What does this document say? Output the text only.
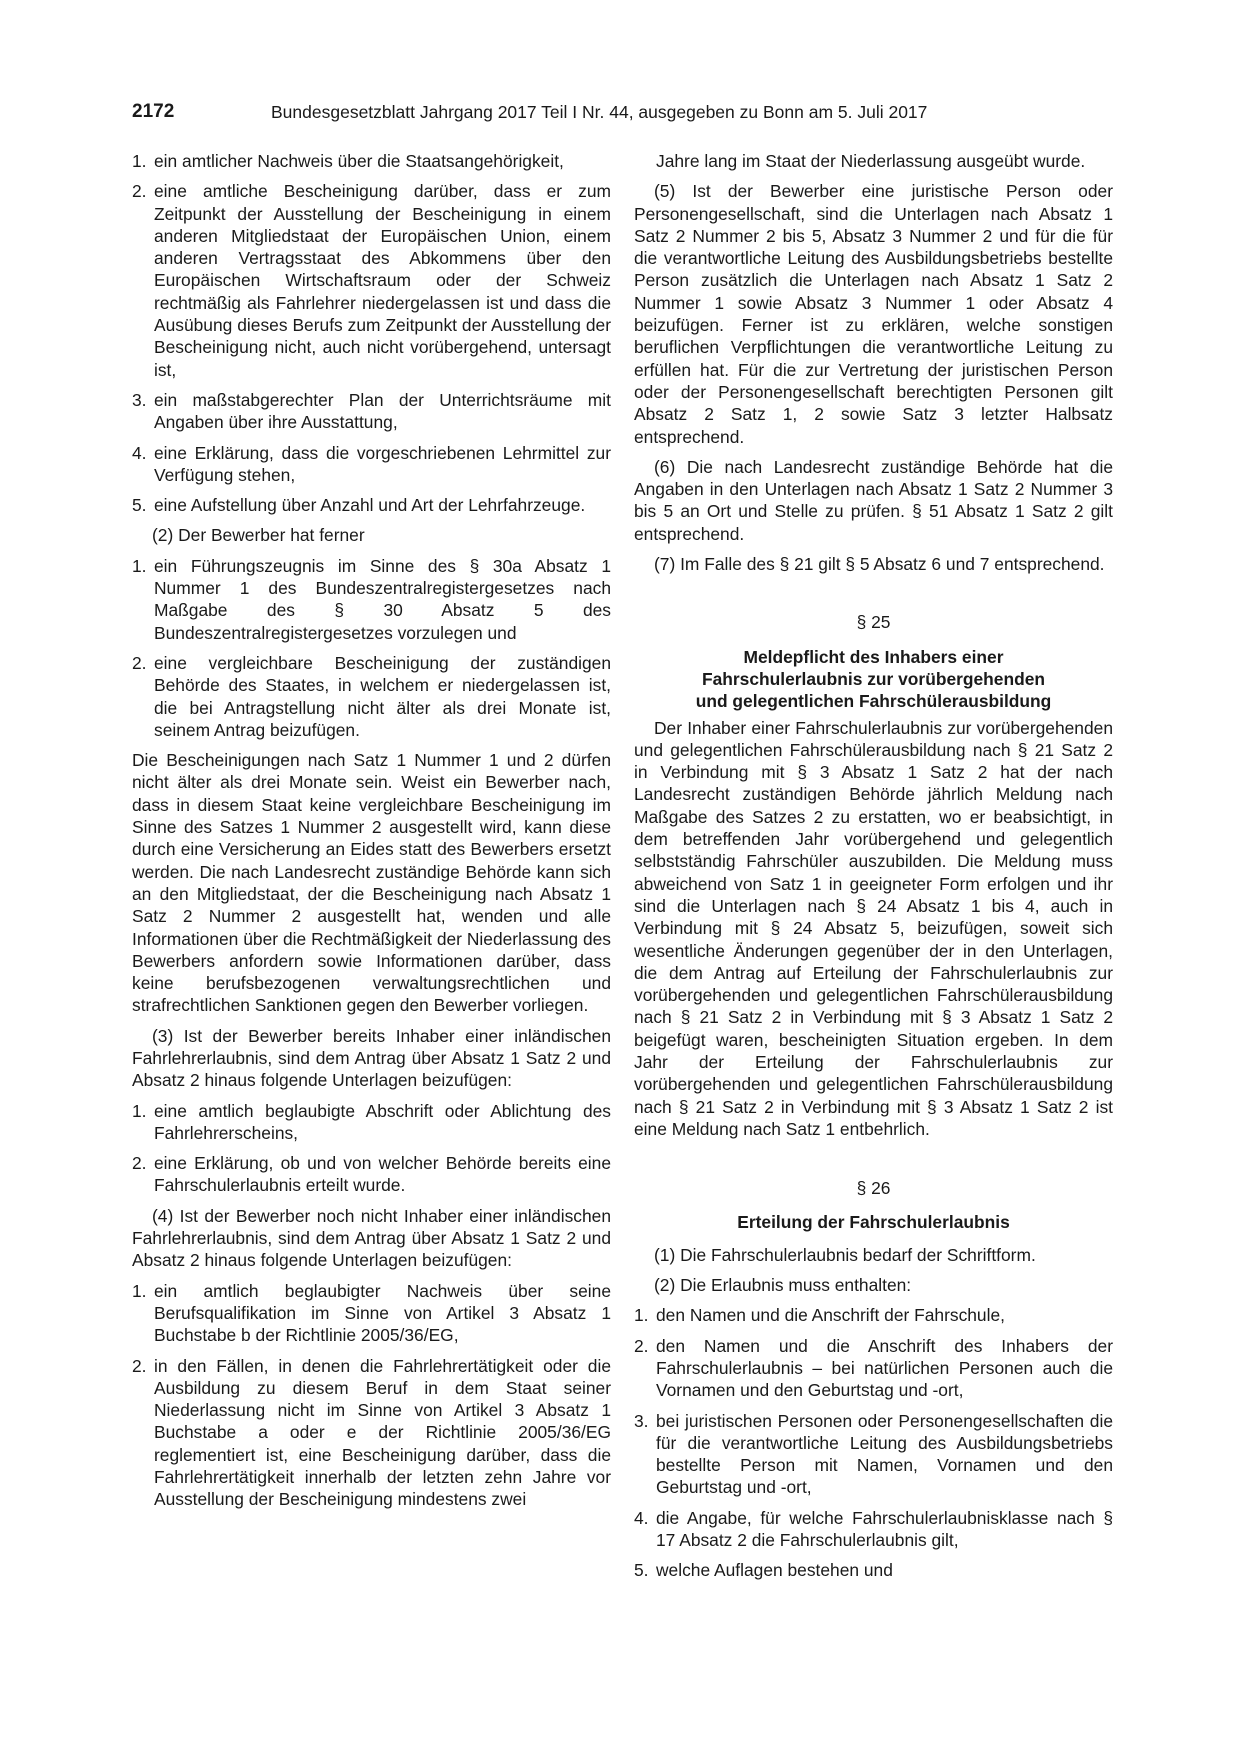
2172	Bundesgesetzblatt Jahrgang 2017 Teil I Nr. 44, ausgegeben zu Bonn am 5. Juli 2017
1. ein amtlicher Nachweis über die Staatsangehörigkeit,
2. eine amtliche Bescheinigung darüber, dass er zum Zeitpunkt der Ausstellung der Bescheinigung in einem anderen Mitgliedstaat der Europäischen Union, einem anderen Vertragsstaat des Abkommens über den Europäischen Wirtschaftsraum oder der Schweiz rechtmäßig als Fahrlehrer niedergelassen ist und dass die Ausübung dieses Berufs zum Zeitpunkt der Ausstellung der Bescheinigung nicht, auch nicht vorübergehend, untersagt ist,
3. ein maßstabgerechter Plan der Unterrichtsräume mit Angaben über ihre Ausstattung,
4. eine Erklärung, dass die vorgeschriebenen Lehrmittel zur Verfügung stehen,
5. eine Aufstellung über Anzahl und Art der Lehrfahrzeuge.

(2) Der Bewerber hat ferner

1. ein Führungszeugnis im Sinne des § 30a Absatz 1 Nummer 1 des Bundeszentralregistergesetzes nach Maßgabe des § 30 Absatz 5 des Bundeszentralregistergesetzes vorzulegen und
2. eine vergleichbare Bescheinigung der zuständigen Behörde des Staates, in welchem er niedergelassen ist, die bei Antragstellung nicht älter als drei Monate ist, seinem Antrag beizufügen.

Die Bescheinigungen nach Satz 1 Nummer 1 und 2 dürfen nicht älter als drei Monate sein. Weist ein Bewerber nach, dass in diesem Staat keine vergleichbare Bescheinigung im Sinne des Satzes 1 Nummer 2 ausgestellt wird, kann diese durch eine Versicherung an Eides statt des Bewerbers ersetzt werden. Die nach Landesrecht zuständige Behörde kann sich an den Mitgliedstaat, der die Bescheinigung nach Absatz 1 Satz 2 Nummer 2 ausgestellt hat, wenden und alle Informationen über die Rechtmäßigkeit der Niederlassung des Bewerbers anfordern sowie Informationen darüber, dass keine berufsbezogenen verwaltungsrechtlichen und strafrechtlichen Sanktionen gegen den Bewerber vorliegen.

(3) Ist der Bewerber bereits Inhaber einer inländischen Fahrlehrerlaubnis, sind dem Antrag über Absatz 1 Satz 2 und Absatz 2 hinaus folgende Unterlagen beizufügen:

1. eine amtlich beglaubigte Abschrift oder Ablichtung des Fahrlehrerscheins,
2. eine Erklärung, ob und von welcher Behörde bereits eine Fahrschulerlaubnis erteilt wurde.

(4) Ist der Bewerber noch nicht Inhaber einer inländischen Fahrlehrerlaubnis, sind dem Antrag über Absatz 1 Satz 2 und Absatz 2 hinaus folgende Unterlagen beizufügen:

1. ein amtlich beglaubigter Nachweis über seine Berufsqualifikation im Sinne von Artikel 3 Absatz 1 Buchstabe b der Richtlinie 2005/36/EG,
2. in den Fällen, in denen die Fahrlehrertätigkeit oder die Ausbildung zu diesem Beruf in dem Staat seiner Niederlassung nicht im Sinne von Artikel 3 Absatz 1 Buchstabe a oder e der Richtlinie 2005/36/EG reglementiert ist, eine Bescheinigung darüber, dass die Fahrlehrertätigkeit innerhalb der letzten zehn Jahre vor Ausstellung der Bescheinigung mindestens zwei

Jahre lang im Staat der Niederlassung ausgeübt wurde.

(5) Ist der Bewerber eine juristische Person oder Personengesellschaft, sind die Unterlagen nach Absatz 1 Satz 2 Nummer 2 bis 5, Absatz 3 Nummer 2 und für die für die verantwortliche Leitung des Ausbildungsbetriebs bestellte Person zusätzlich die Unterlagen nach Absatz 1 Satz 2 Nummer 1 sowie Absatz 3 Nummer 1 oder Absatz 4 beizufügen. Ferner ist zu erklären, welche sonstigen beruflichen Verpflichtungen die verantwortliche Leitung zu erfüllen hat. Für die zur Vertretung der juristischen Person oder der Personengesellschaft berechtigten Personen gilt Absatz 2 Satz 1, 2 sowie Satz 3 letzter Halbsatz entsprechend.

(6) Die nach Landesrecht zuständige Behörde hat die Angaben in den Unterlagen nach Absatz 1 Satz 2 Nummer 3 bis 5 an Ort und Stelle zu prüfen. § 51 Absatz 1 Satz 2 gilt entsprechend.

(7) Im Falle des § 21 gilt § 5 Absatz 6 und 7 entsprechend.

§ 25
Meldepflicht des Inhabers einer
Fahrschulerlaubnis zur vorübergehenden
und gelegentlichen Fahrschülerausbildung

Der Inhaber einer Fahrschulerlaubnis zur vorübergehenden und gelegentlichen Fahrschülerausbildung nach § 21 Satz 2 in Verbindung mit § 3 Absatz 1 Satz 2 hat der nach Landesrecht zuständigen Behörde jährlich Meldung nach Maßgabe des Satzes 2 zu erstatten, wo er beabsichtigt, in dem betreffenden Jahr vorübergehend und gelegentlich selbstständig Fahrschüler auszubilden. Die Meldung muss abweichend von Satz 1 in geeigneter Form erfolgen und ihr sind die Unterlagen nach § 24 Absatz 1 bis 4, auch in Verbindung mit § 24 Absatz 5, beizufügen, soweit sich wesentliche Änderungen gegenüber der in den Unterlagen, die dem Antrag auf Erteilung der Fahrschulerlaubnis zur vorübergehenden und gelegentlichen Fahrschülerausbildung nach § 21 Satz 2 in Verbindung mit § 3 Absatz 1 Satz 2 beigefügt waren, bescheinigten Situation ergeben. In dem Jahr der Erteilung der Fahrschulerlaubnis zur vorübergehenden und gelegentlichen Fahrschülerausbildung nach § 21 Satz 2 in Verbindung mit § 3 Absatz 1 Satz 2 ist eine Meldung nach Satz 1 entbehrlich.

§ 26
Erteilung der Fahrschulerlaubnis

(1) Die Fahrschulerlaubnis bedarf der Schriftform.

(2) Die Erlaubnis muss enthalten:

1. den Namen und die Anschrift der Fahrschule,
2. den Namen und die Anschrift des Inhabers der Fahrschulerlaubnis – bei natürlichen Personen auch die Vornamen und den Geburtstag und -ort,
3. bei juristischen Personen oder Personengesellschaften die für die verantwortliche Leitung des Ausbildungsbetriebs bestellte Person mit Namen, Vornamen und den Geburtstag und -ort,
4. die Angabe, für welche Fahrschulerlaubnisklasse nach § 17 Absatz 2 die Fahrschulerlaubnis gilt,
5. welche Auflagen bestehen und
